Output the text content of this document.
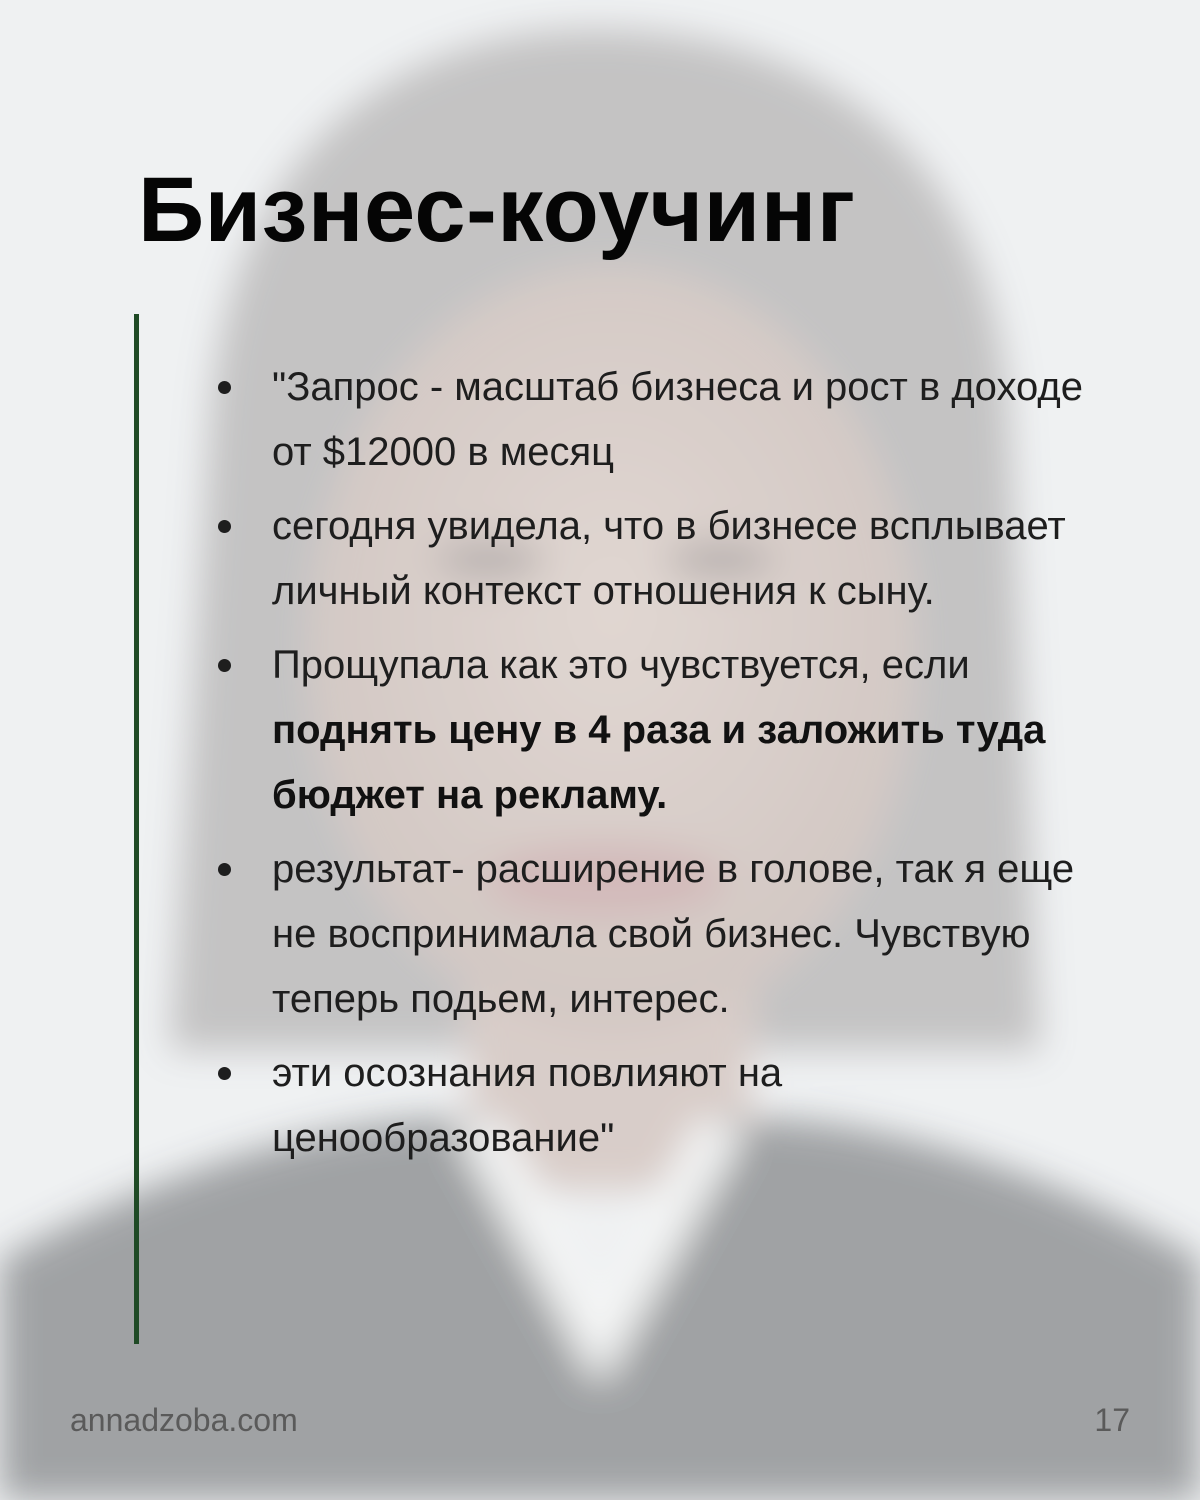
Бизнес-коучинг
"Запрос - масштаб бизнеса и рост в доходе от $12000 в месяц
сегодня увидела, что в бизнесе всплывает личный контекст отношения к сыну.
Прощупала как это чувствуется, если поднять цену в 4 раза и заложить туда бюджет на рекламу.
результат- расширение в голове, так я еще не воспринимала свой бизнес. Чувствую теперь подьем, интерес.
эти осознания повлияют на ценообразование"
annadzoba.com	17
